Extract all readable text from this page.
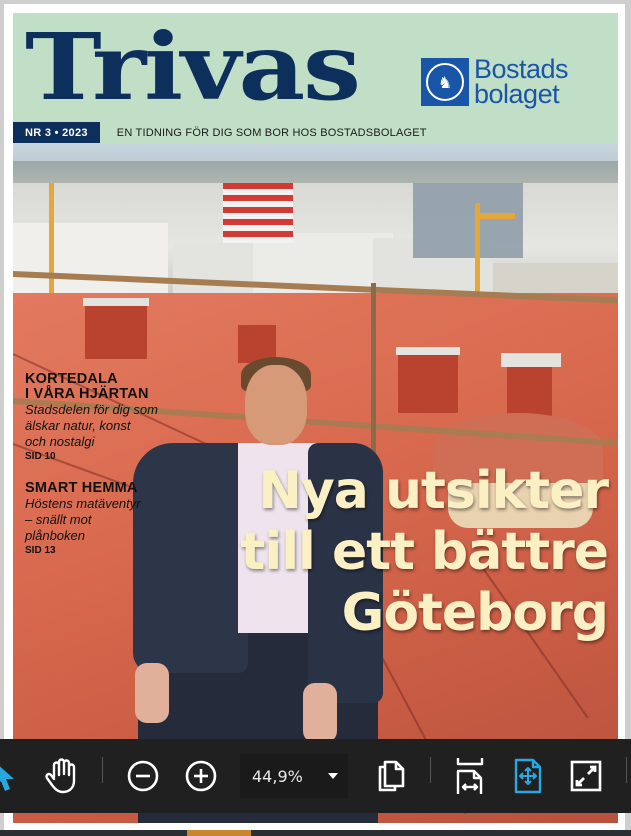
Trivas	♞ Bostads
bolaget
NR 3 • 2023	EN TIDNING FÖR DIG SOM BOR HOS BOSTADSBOLAGET
KORTEDALA
I VÅRA HJÄRTAN
Stadsdelen för dig som
älskar natur, konst
och nostalgi
SID 10
SMART HEMMA
Höstens matäventyr
– snällt mot
plånboken
SID 13
Nya utsikter
till ett bättre
Göteborg
44,9%
